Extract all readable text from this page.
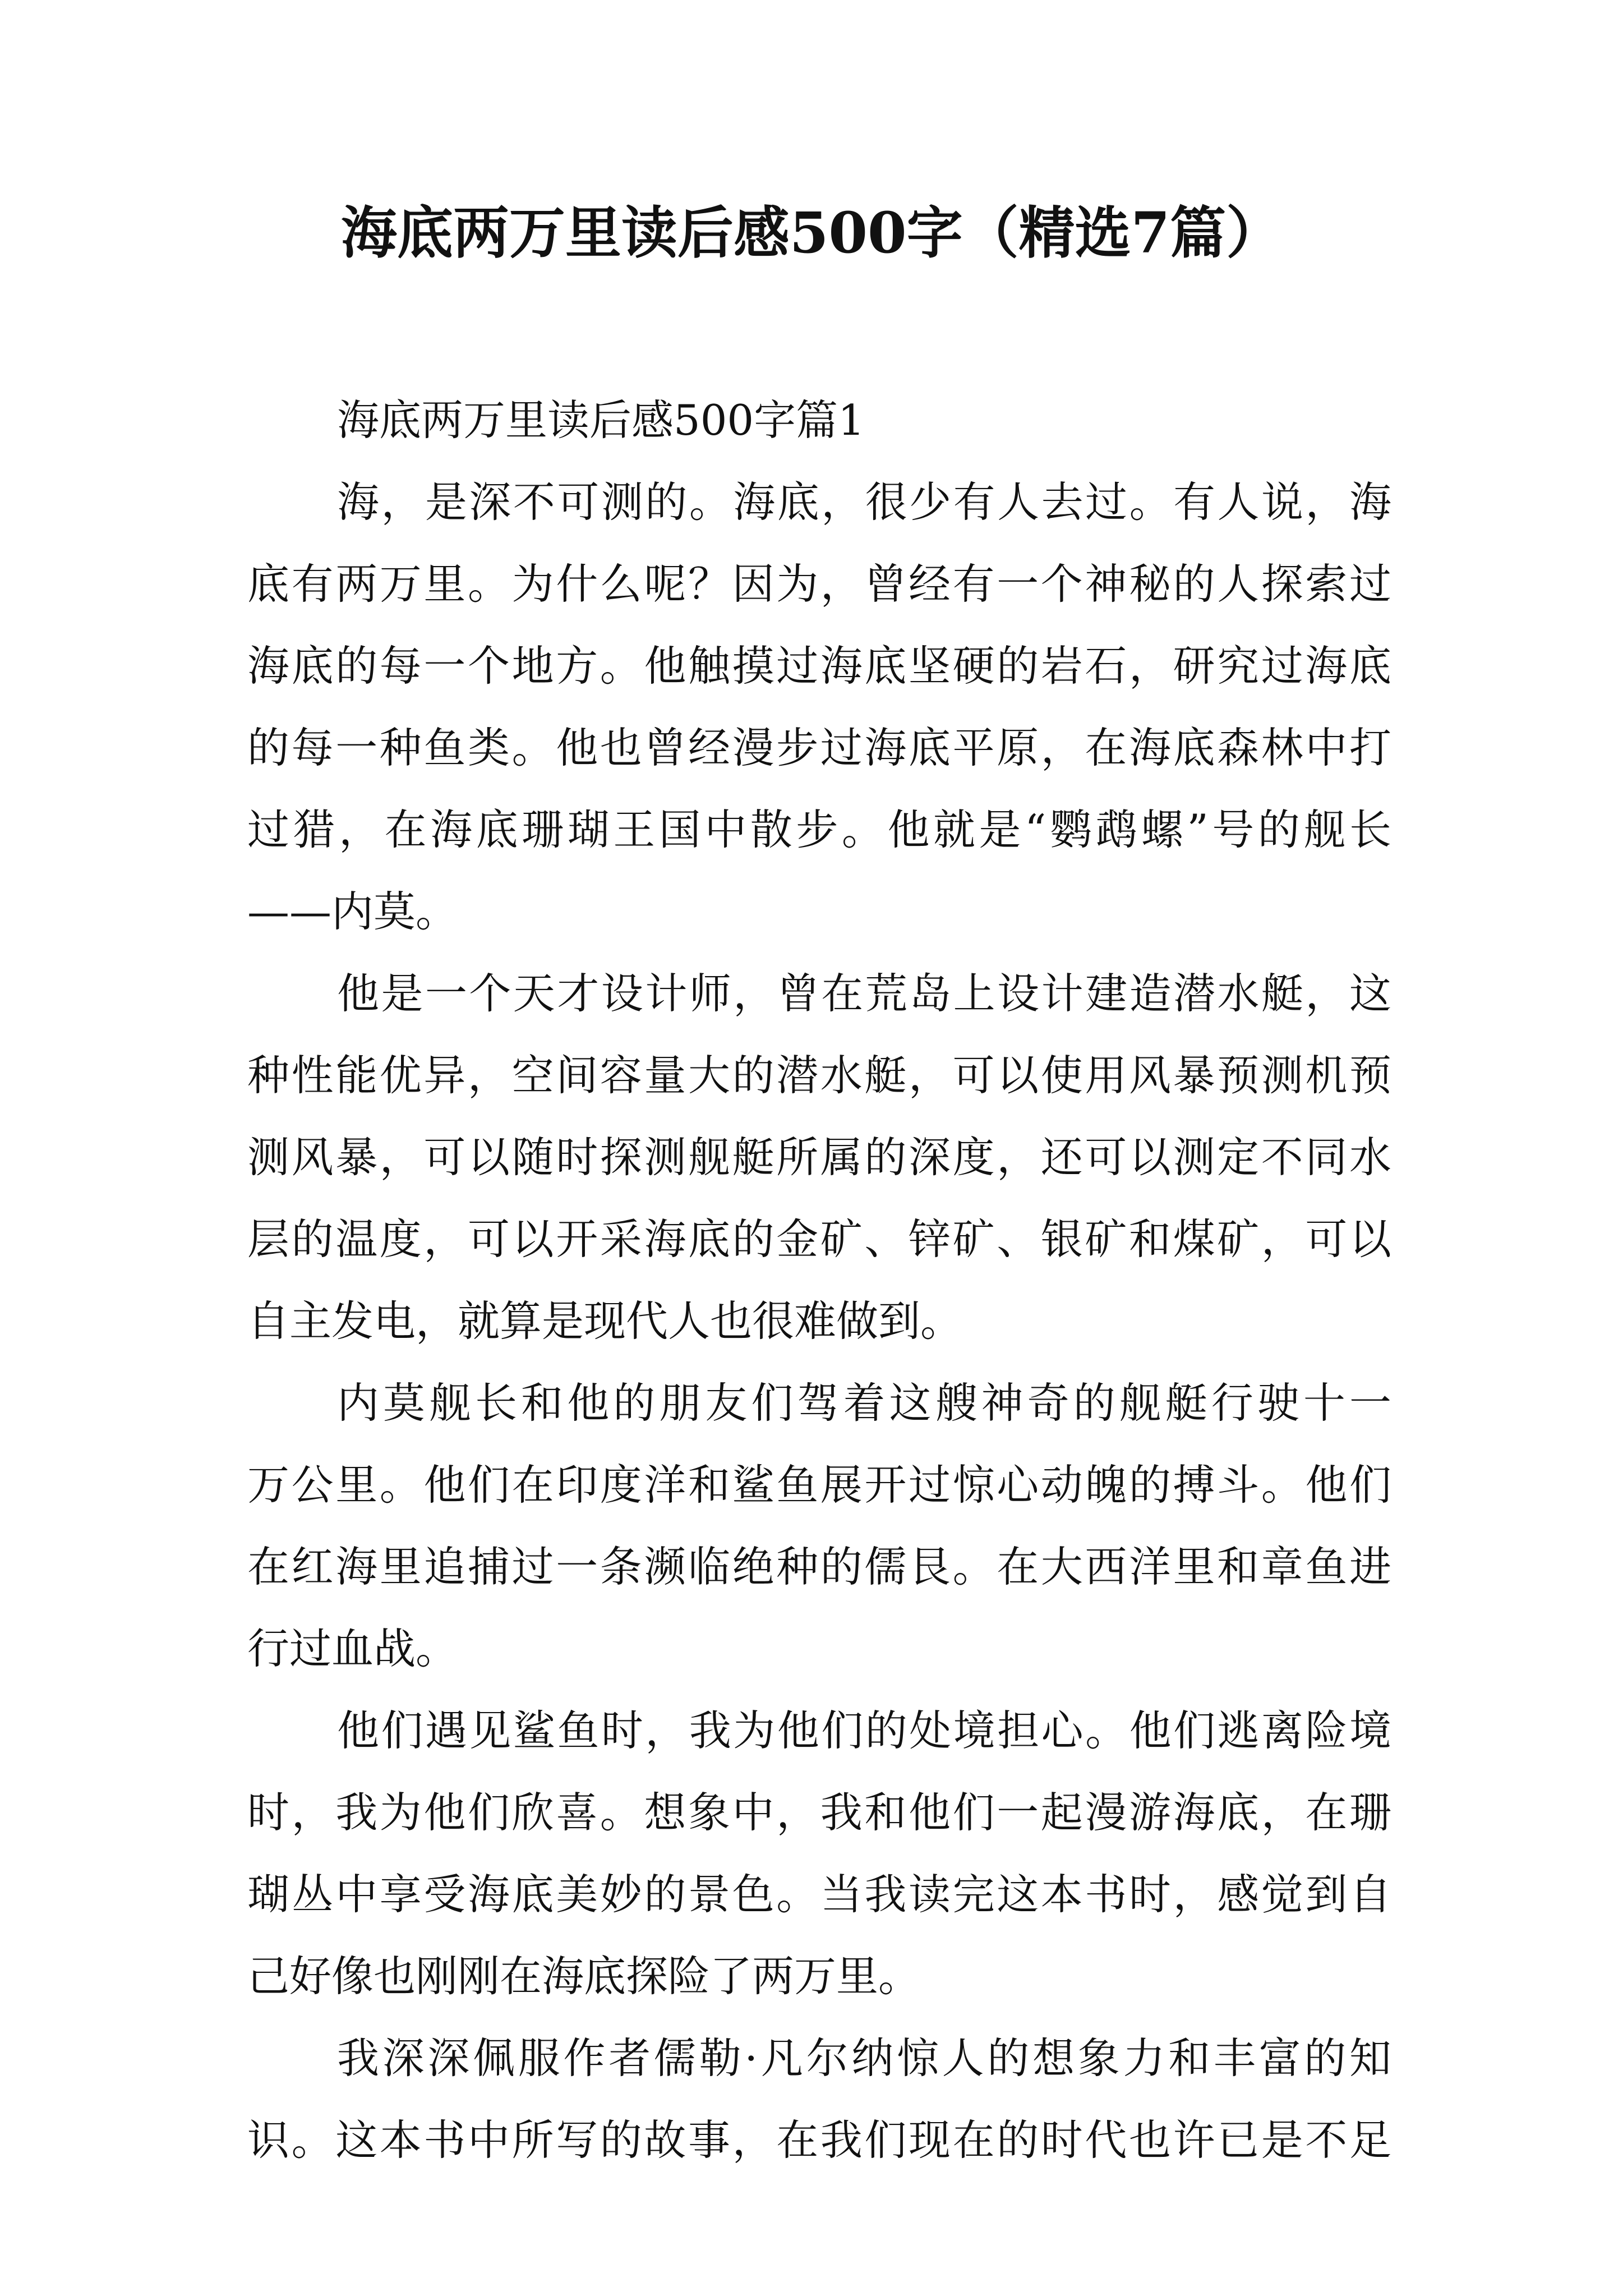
海底两万里读后感500字（精选7篇）
海底两万里读后感500字篇1
海，是深不可测的。海底，很少有人去过。有人说，海
底有两万里。为什么呢？因为，曾经有一个神秘的人探索过
海底的每一个地方。他触摸过海底坚硬的岩石，研究过海底
的每一种鱼类。他也曾经漫步过海底平原，在海底森林中打
过猎，在海底珊瑚王国中散步。他就是“鹦鹉螺”号的舰长
——内莫。
他是一个天才设计师，曾在荒岛上设计建造潜水艇，这
种性能优异，空间容量大的潜水艇，可以使用风暴预测机预
测风暴，可以随时探测舰艇所属的深度，还可以测定不同水
层的温度，可以开采海底的金矿、锌矿、银矿和煤矿，可以
自主发电，就算是现代人也很难做到。
内莫舰长和他的朋友们驾着这艘神奇的舰艇行驶十一
万公里。他们在印度洋和鲨鱼展开过惊心动魄的搏斗。他们
在红海里追捕过一条濒临绝种的儒艮。在大西洋里和章鱼进
行过血战。
他们遇见鲨鱼时，我为他们的处境担心。他们逃离险境
时，我为他们欣喜。想象中，我和他们一起漫游海底，在珊
瑚丛中享受海底美妙的景色。当我读完这本书时，感觉到自
己好像也刚刚在海底探险了两万里。
我深深佩服作者儒勒·凡尔纳惊人的想象力和丰富的知
识。这本书中所写的故事，在我们现在的时代也许已是不足
